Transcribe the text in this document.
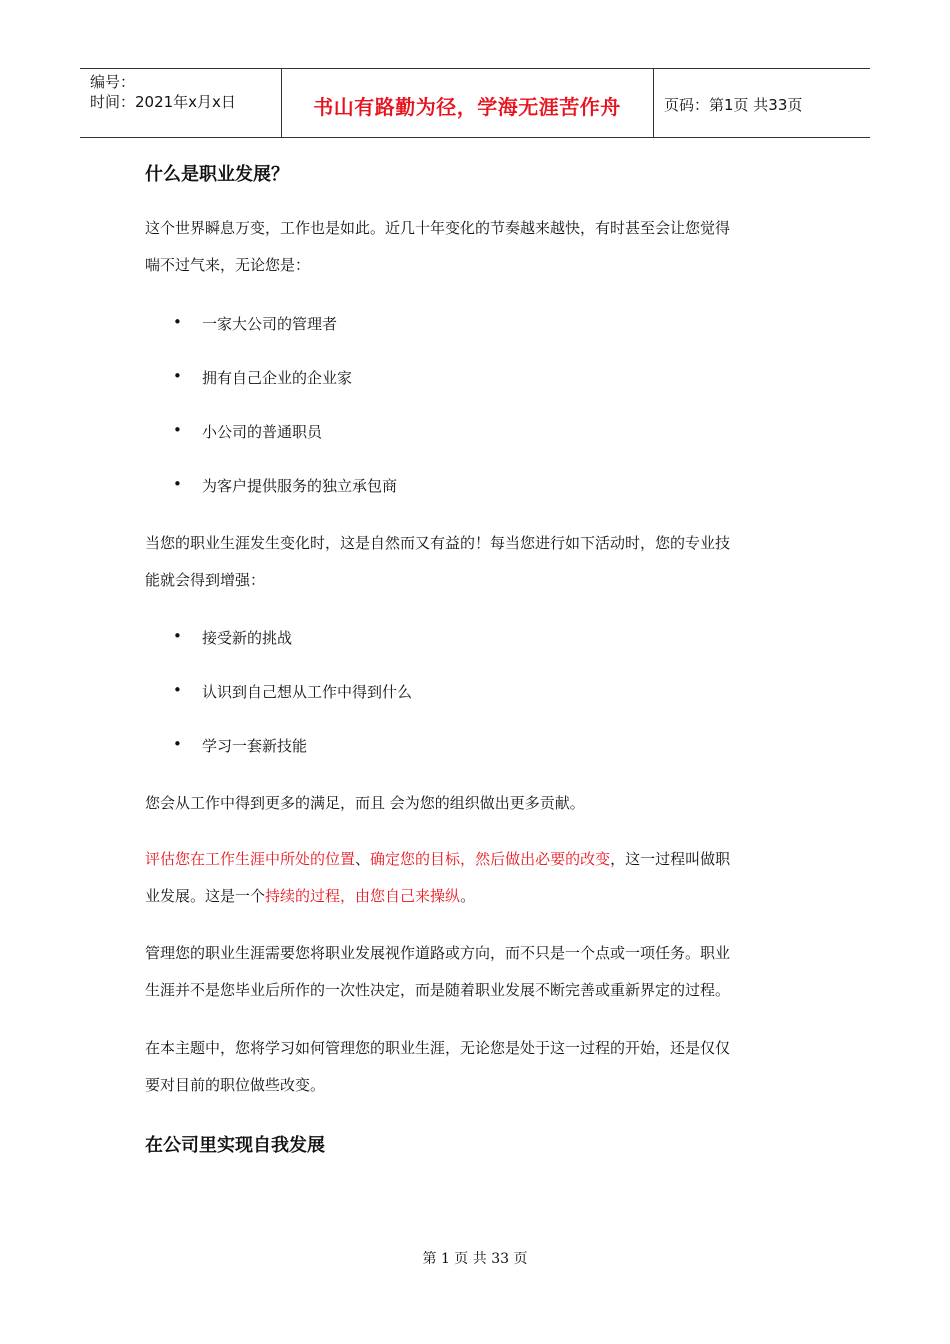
编号：
时间：2021年x月x日	书山有路勤为径，学海无涯苦作舟	页码：第1页 共33页
什么是职业发展？
这个世界瞬息万变，工作也是如此。近几十年变化的节奏越来越快，有时甚至会让您觉得
喘不过气来，无论您是：
• 一家大公司的管理者
• 拥有自己企业的企业家
• 小公司的普通职员
• 为客户提供服务的独立承包商
当您的职业生涯发生变化时，这是自然而又有益的！每当您进行如下活动时，您的专业技
能就会得到增强：
• 接受新的挑战
• 认识到自己想从工作中得到什么
• 学习一套新技能
您会从工作中得到更多的满足，而且 会为您的组织做出更多贡献。
评估您在工作生涯中所处的位置、确定您的目标，然后做出必要的改变，这一过程叫做职
业发展。这是一个持续的过程，由您自己来操纵。
管理您的职业生涯需要您将职业发展视作道路或方向，而不只是一个点或一项任务。职业
生涯并不是您毕业后所作的一次性决定，而是随着职业发展不断完善或重新界定的过程。
在本主题中，您将学习如何管理您的职业生涯，无论您是处于这一过程的开始，还是仅仅
要对目前的职位做些改变。
在公司里实现自我发展
第 1 页 共 33 页
